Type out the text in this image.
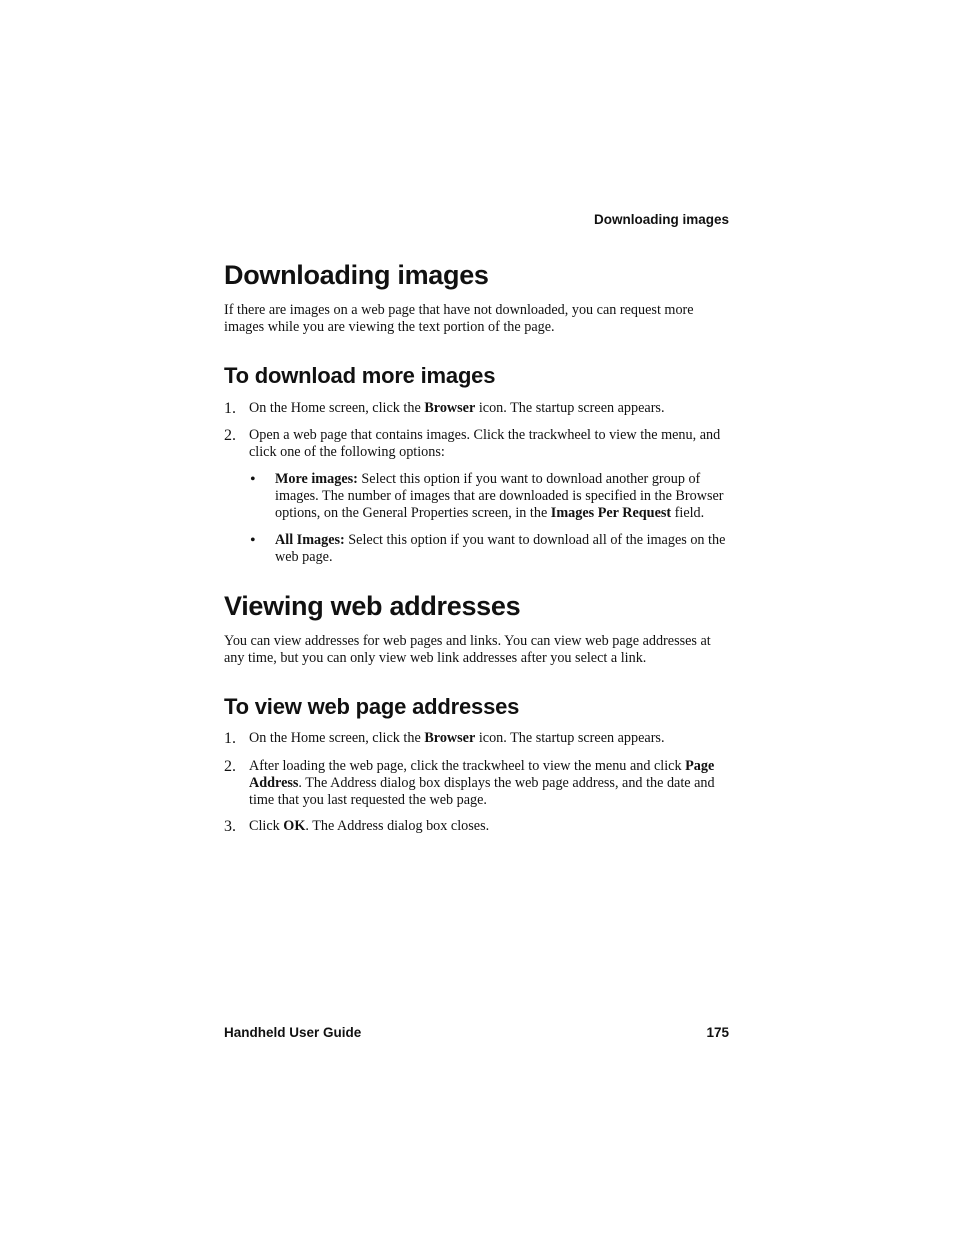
Downloading images
Downloading images

If there are images on a web page that have not downloaded, you can request more images while you are viewing the text portion of the page.

To download more images
1. On the Home screen, click the Browser icon. The startup screen appears.

2. Open a web page that contains images. Click the trackwheel to view the menu, and click one of the following options:

•	More images: Select this option if you want to download another group of images. The number of images that are downloaded is specified in the Browser options, on the General Properties screen, in the Images Per Request field.

•	All Images: Select this option if you want to download all of the images on the web page.

Viewing web addresses

You can view addresses for web pages and links. You can view web page addresses at any time, but you can only view web link addresses after you select a link.

To view web page addresses
1. On the Home screen, click the Browser icon. The startup screen appears.

2. After loading the web page, click the trackwheel to view the menu and click Page Address. The Address dialog box displays the web page address, and the date and time that you last requested the web page.

3. Click OK. The Address dialog box closes.

Handheld User Guide	175
